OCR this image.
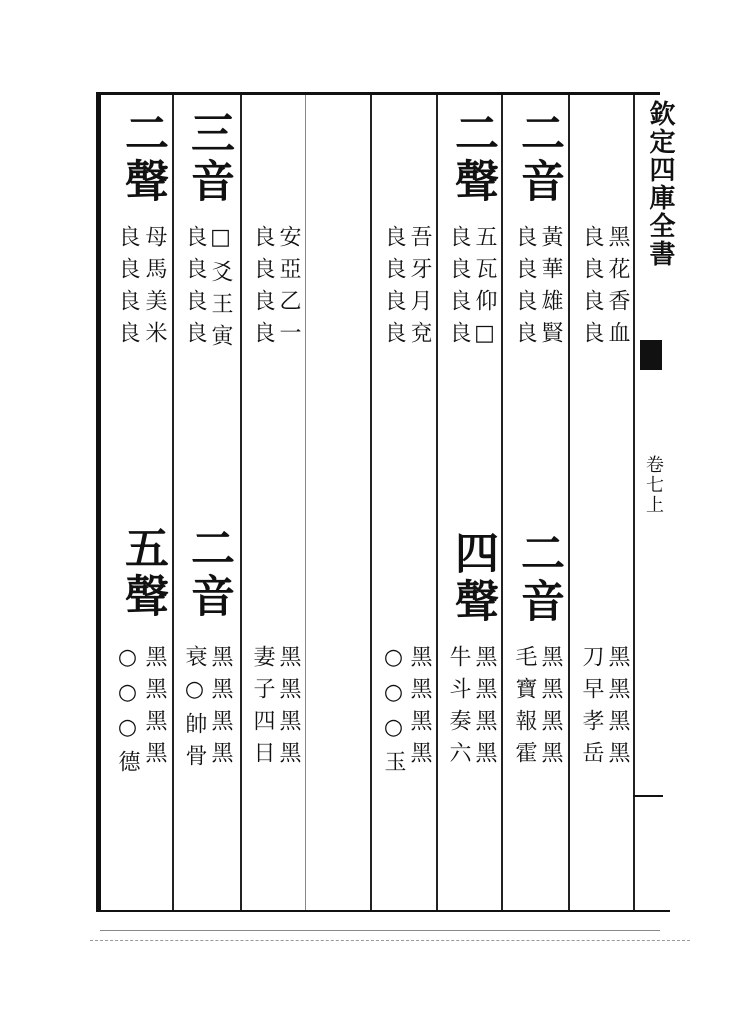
欽定四庫全書
卷七上
黑花香血
良良良良
二音
黃華雄賢
良良良良
二聲
五瓦仰□
良良良良
吾牙月兗
良良良良
黑黑黑黑
刀早孝岳
二音
黑黑黑黑
毛寶報霍
四聲
黑黑黑黑
牛斗奏六
黑黑黑黑
○○○玉
安亞乙一
良良良良
三音
□爻王寅
良良良良
二聲
母馬美米
良良良良
黑黑黑黑
妻子四日
二音
黑黑黑黑
衰○帥骨
五聲
黑黑黑黑
○○○德
